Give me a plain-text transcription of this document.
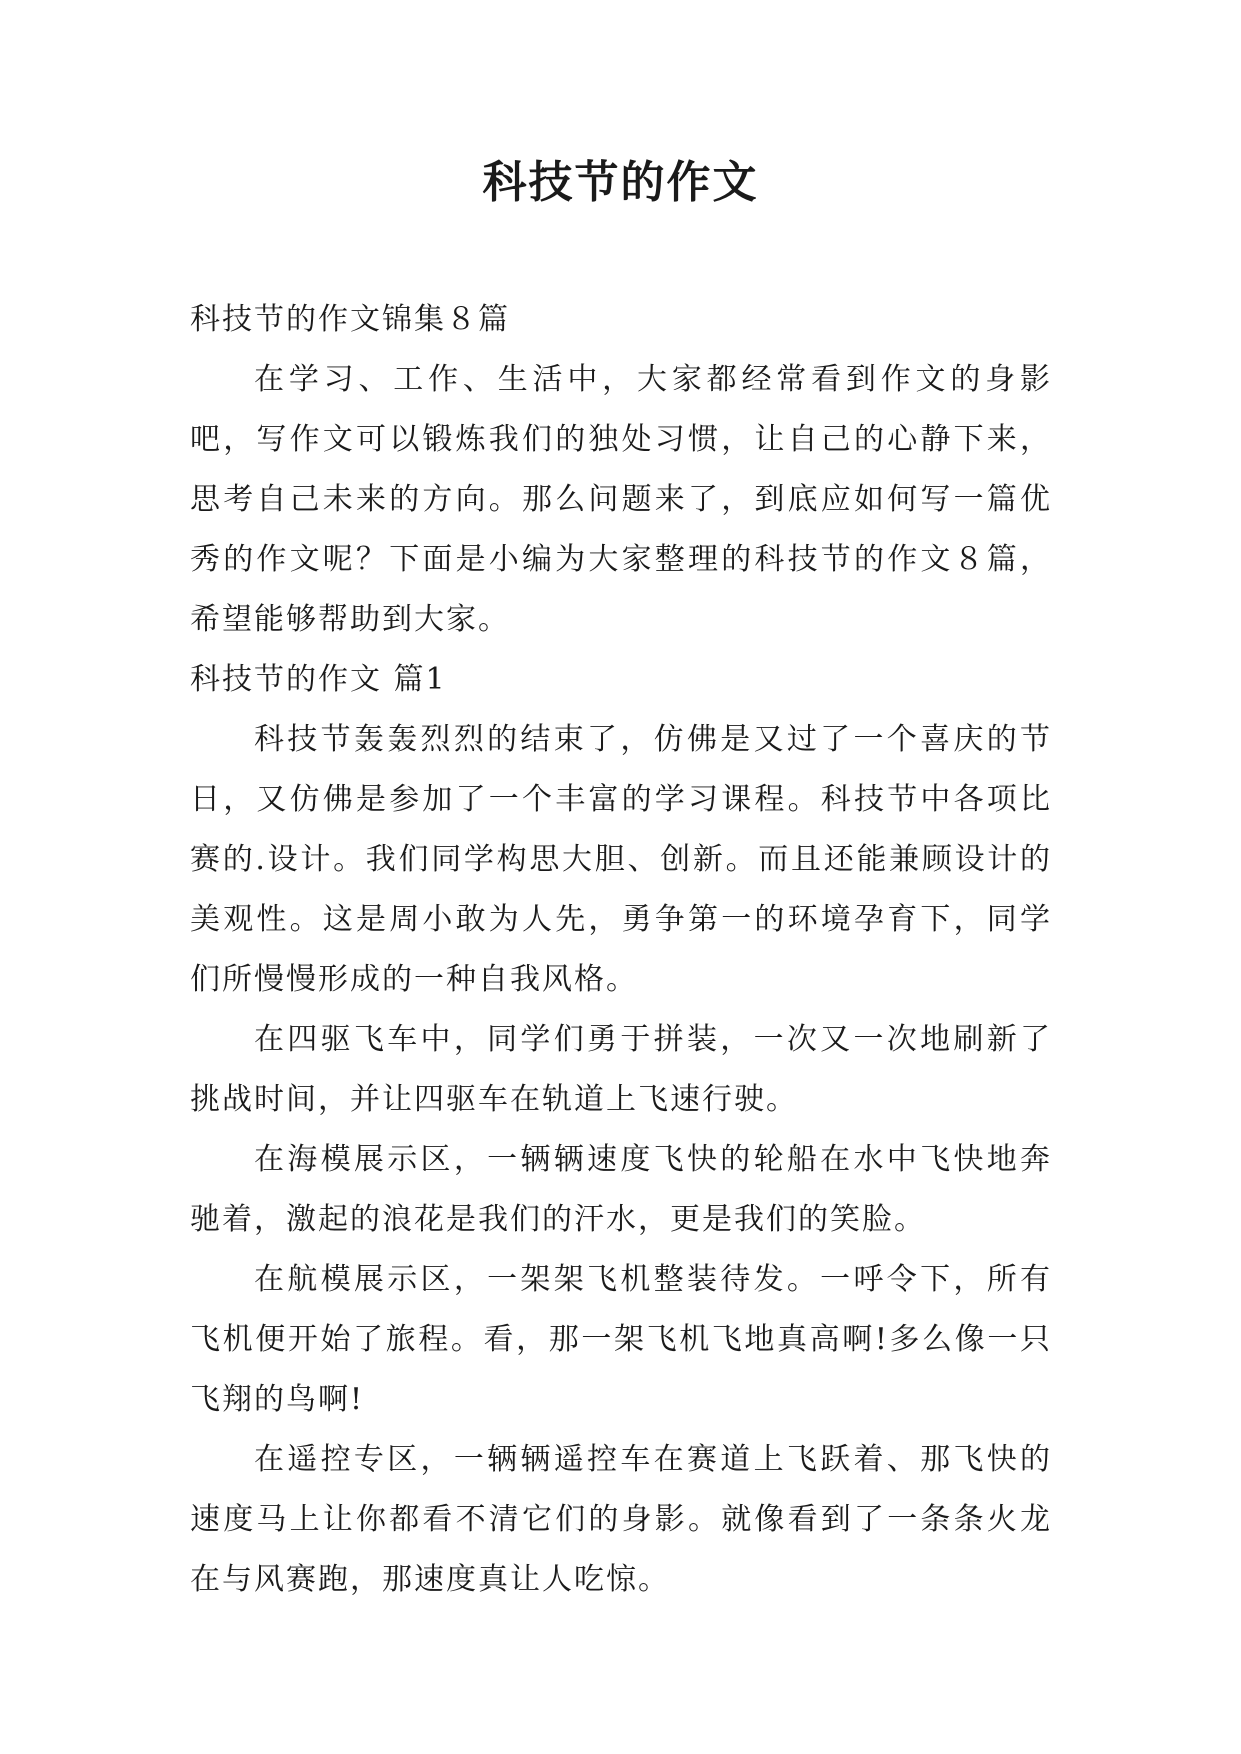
科技节的作文

科技节的作文锦集８篇

在学习、工作、生活中，大家都经常看到作文的身影吧，写作文可以锻炼我们的独处习惯，让自己的心静下来，思考自己未来的方向。那么问题来了，到底应如何写一篇优秀的作文呢？下面是小编为大家整理的科技节的作文８篇，希望能够帮助到大家。

科技节的作文 篇1

科技节轰轰烈烈的结束了，仿佛是又过了一个喜庆的节日，又仿佛是参加了一个丰富的学习课程。科技节中各项比赛的.设计。我们同学构思大胆、创新。而且还能兼顾设计的美观性。这是周小敢为人先，勇争第一的环境孕育下，同学们所慢慢形成的一种自我风格。

在四驱飞车中，同学们勇于拼装，一次又一次地刷新了挑战时间，并让四驱车在轨道上飞速行驶。

在海模展示区，一辆辆速度飞快的轮船在水中飞快地奔驰着，激起的浪花是我们的汗水，更是我们的笑脸。

在航模展示区，一架架飞机整装待发。一呼令下，所有飞机便开始了旅程。看，那一架飞机飞地真高啊!多么像一只飞翔的鸟啊!

在遥控专区，一辆辆遥控车在赛道上飞跃着、那飞快的速度马上让你都看不清它们的身影。就像看到了一条条火龙在与风赛跑，那速度真让人吃惊。
